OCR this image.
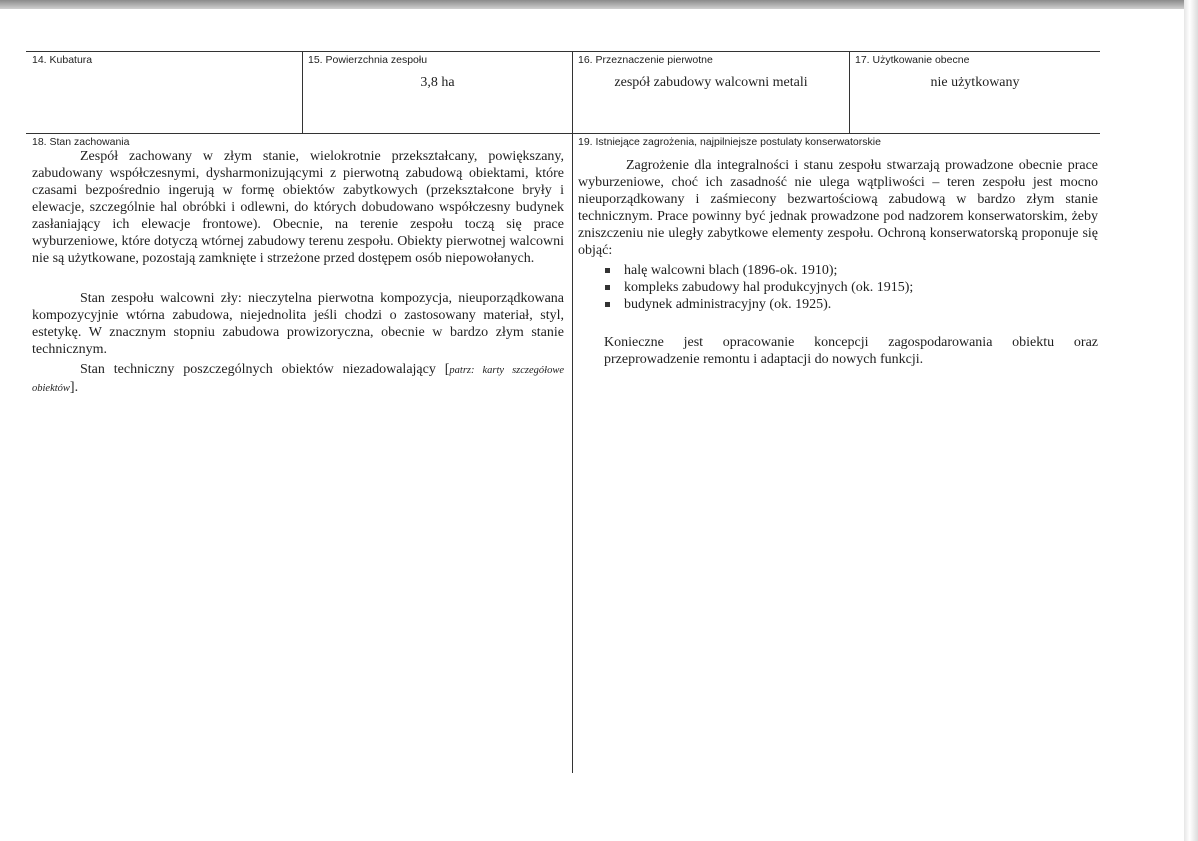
14. Kubatura	15. Powierzchnia zespołu
3,8 ha
16. Przeznaczenie pierwotne
zespół zabudowy walcowni metali
17. Użytkowanie obecne
nie użytkowany
18. Stan zachowania

Zespół zachowany w złym stanie, wielokrotnie przekształcany, powiększany, zabudowany współczesnymi, dysharmonizującymi z pierwotną zabudową obiektami, które czasami bezpośrednio ingerują w formę obiektów zabytkowych (przekształcone bryły i elewacje, szczególnie hal obróbki i odlewni, do których dobudowano współczesny budynek zasłaniający ich elewacje frontowe). Obecnie, na terenie zespołu toczą się prace wyburzeniowe, które dotyczą wtórnej zabudowy terenu zespołu. Obiekty pierwotnej walcowni nie są użytkowane, pozostają zamknięte i strzeżone przed dostępem osób niepowołanych.

Stan zespołu walcowni zły: nieczytelna pierwotna kompozycja, nieuporządkowana kompozycyjnie wtórna zabudowa, niejednolita jeśli chodzi o zastosowany materiał, styl, estetykę. W znacznym stopniu zabudowa prowizoryczna, obecnie w bardzo złym stanie technicznym.

Stan techniczny poszczególnych obiektów niezadowalający [patrz: karty szczegółowe obiektów].

19. Istniejące zagrożenia, najpilniejsze postulaty konserwatorskie

Zagrożenie dla integralności i stanu zespołu stwarzają prowadzone obecnie prace wyburzeniowe, choć ich zasadność nie ulega wątpliwości – teren zespołu jest mocno nieuporządkowany i zaśmiecony bezwartościową zabudową w bardzo złym stanie technicznym. Prace powinny być jednak prowadzone pod nadzorem konserwatorskim, żeby zniszczeniu nie uległy zabytkowe elementy zespołu. Ochroną konserwatorską proponuje się objąć:

halę walcowni blach (1896-ok. 1910);
kompleks zabudowy hal produkcyjnych (ok. 1915);
budynek administracyjny (ok. 1925).

Konieczne jest opracowanie koncepcji zagospodarowania obiektu oraz przeprowadzenie remontu i adaptacji do nowych funkcji.
